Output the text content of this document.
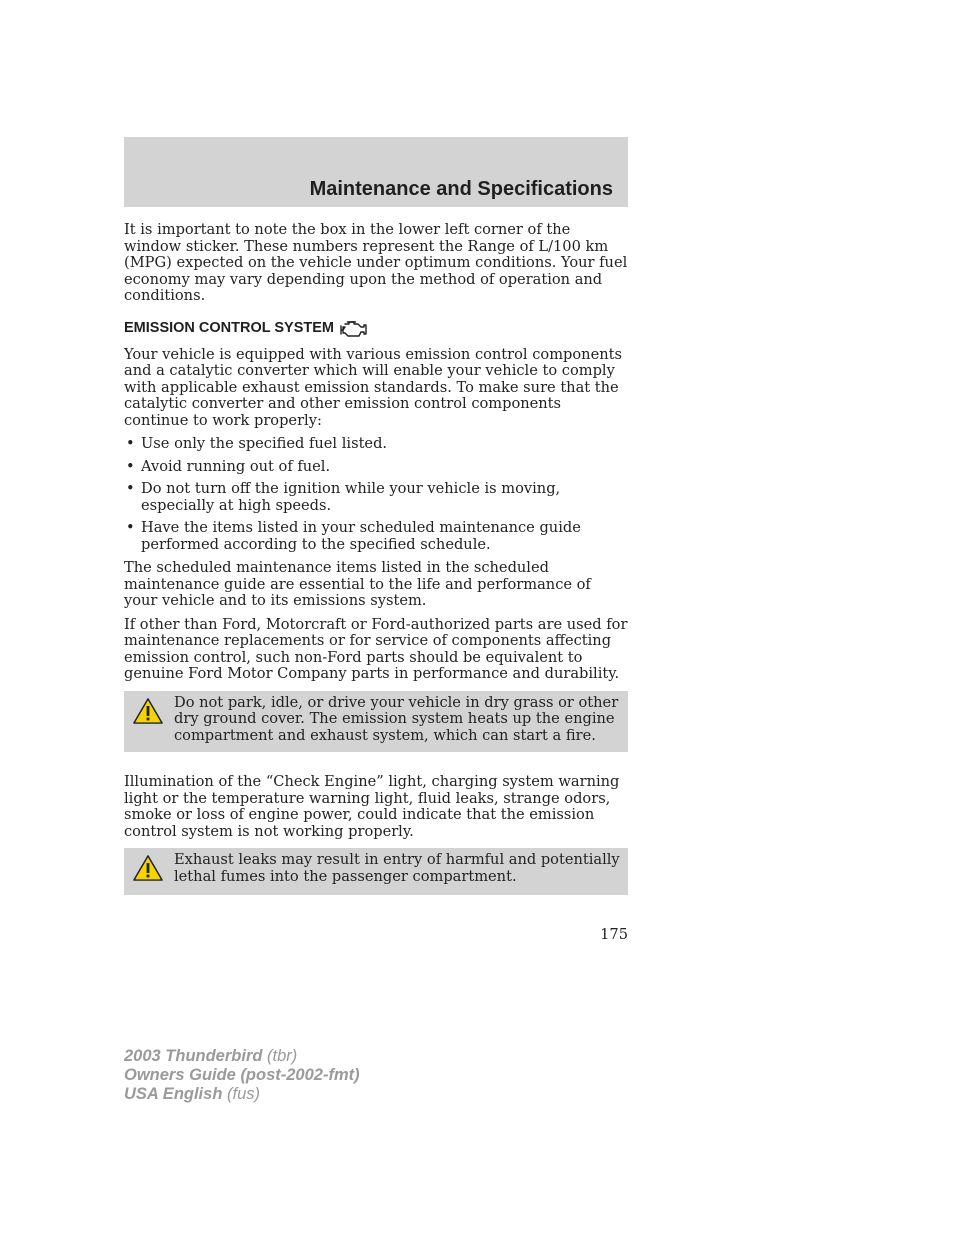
Maintenance and Specifications

It is important to note the box in the lower left corner of the window sticker. These numbers represent the Range of L/100 km (MPG) expected on the vehicle under optimum conditions. Your fuel economy may vary depending upon the method of operation and conditions.

EMISSION CONTROL SYSTEM

Your vehicle is equipped with various emission control components and a catalytic converter which will enable your vehicle to comply with applicable exhaust emission standards. To make sure that the catalytic converter and other emission control components continue to work properly:

• Use only the specified fuel listed.
• Avoid running out of fuel.
• Do not turn off the ignition while your vehicle is moving, especially at high speeds.
• Have the items listed in your scheduled maintenance guide performed according to the specified schedule.

The scheduled maintenance items listed in the scheduled maintenance guide are essential to the life and performance of your vehicle and to its emissions system.

If other than Ford, Motorcraft or Ford-authorized parts are used for maintenance replacements or for service of components affecting emission control, such non-Ford parts should be equivalent to genuine Ford Motor Company parts in performance and durability.

Do not park, idle, or drive your vehicle in dry grass or other dry ground cover. The emission system heats up the engine compartment and exhaust system, which can start a fire.

Illumination of the “Check Engine” light, charging system warning light or the temperature warning light, fluid leaks, strange odors, smoke or loss of engine power, could indicate that the emission control system is not working properly.

Exhaust leaks may result in entry of harmful and potentially lethal fumes into the passenger compartment.
175
2003 Thunderbird (tbr)
Owners Guide (post-2002-fmt)
USA English (fus)
